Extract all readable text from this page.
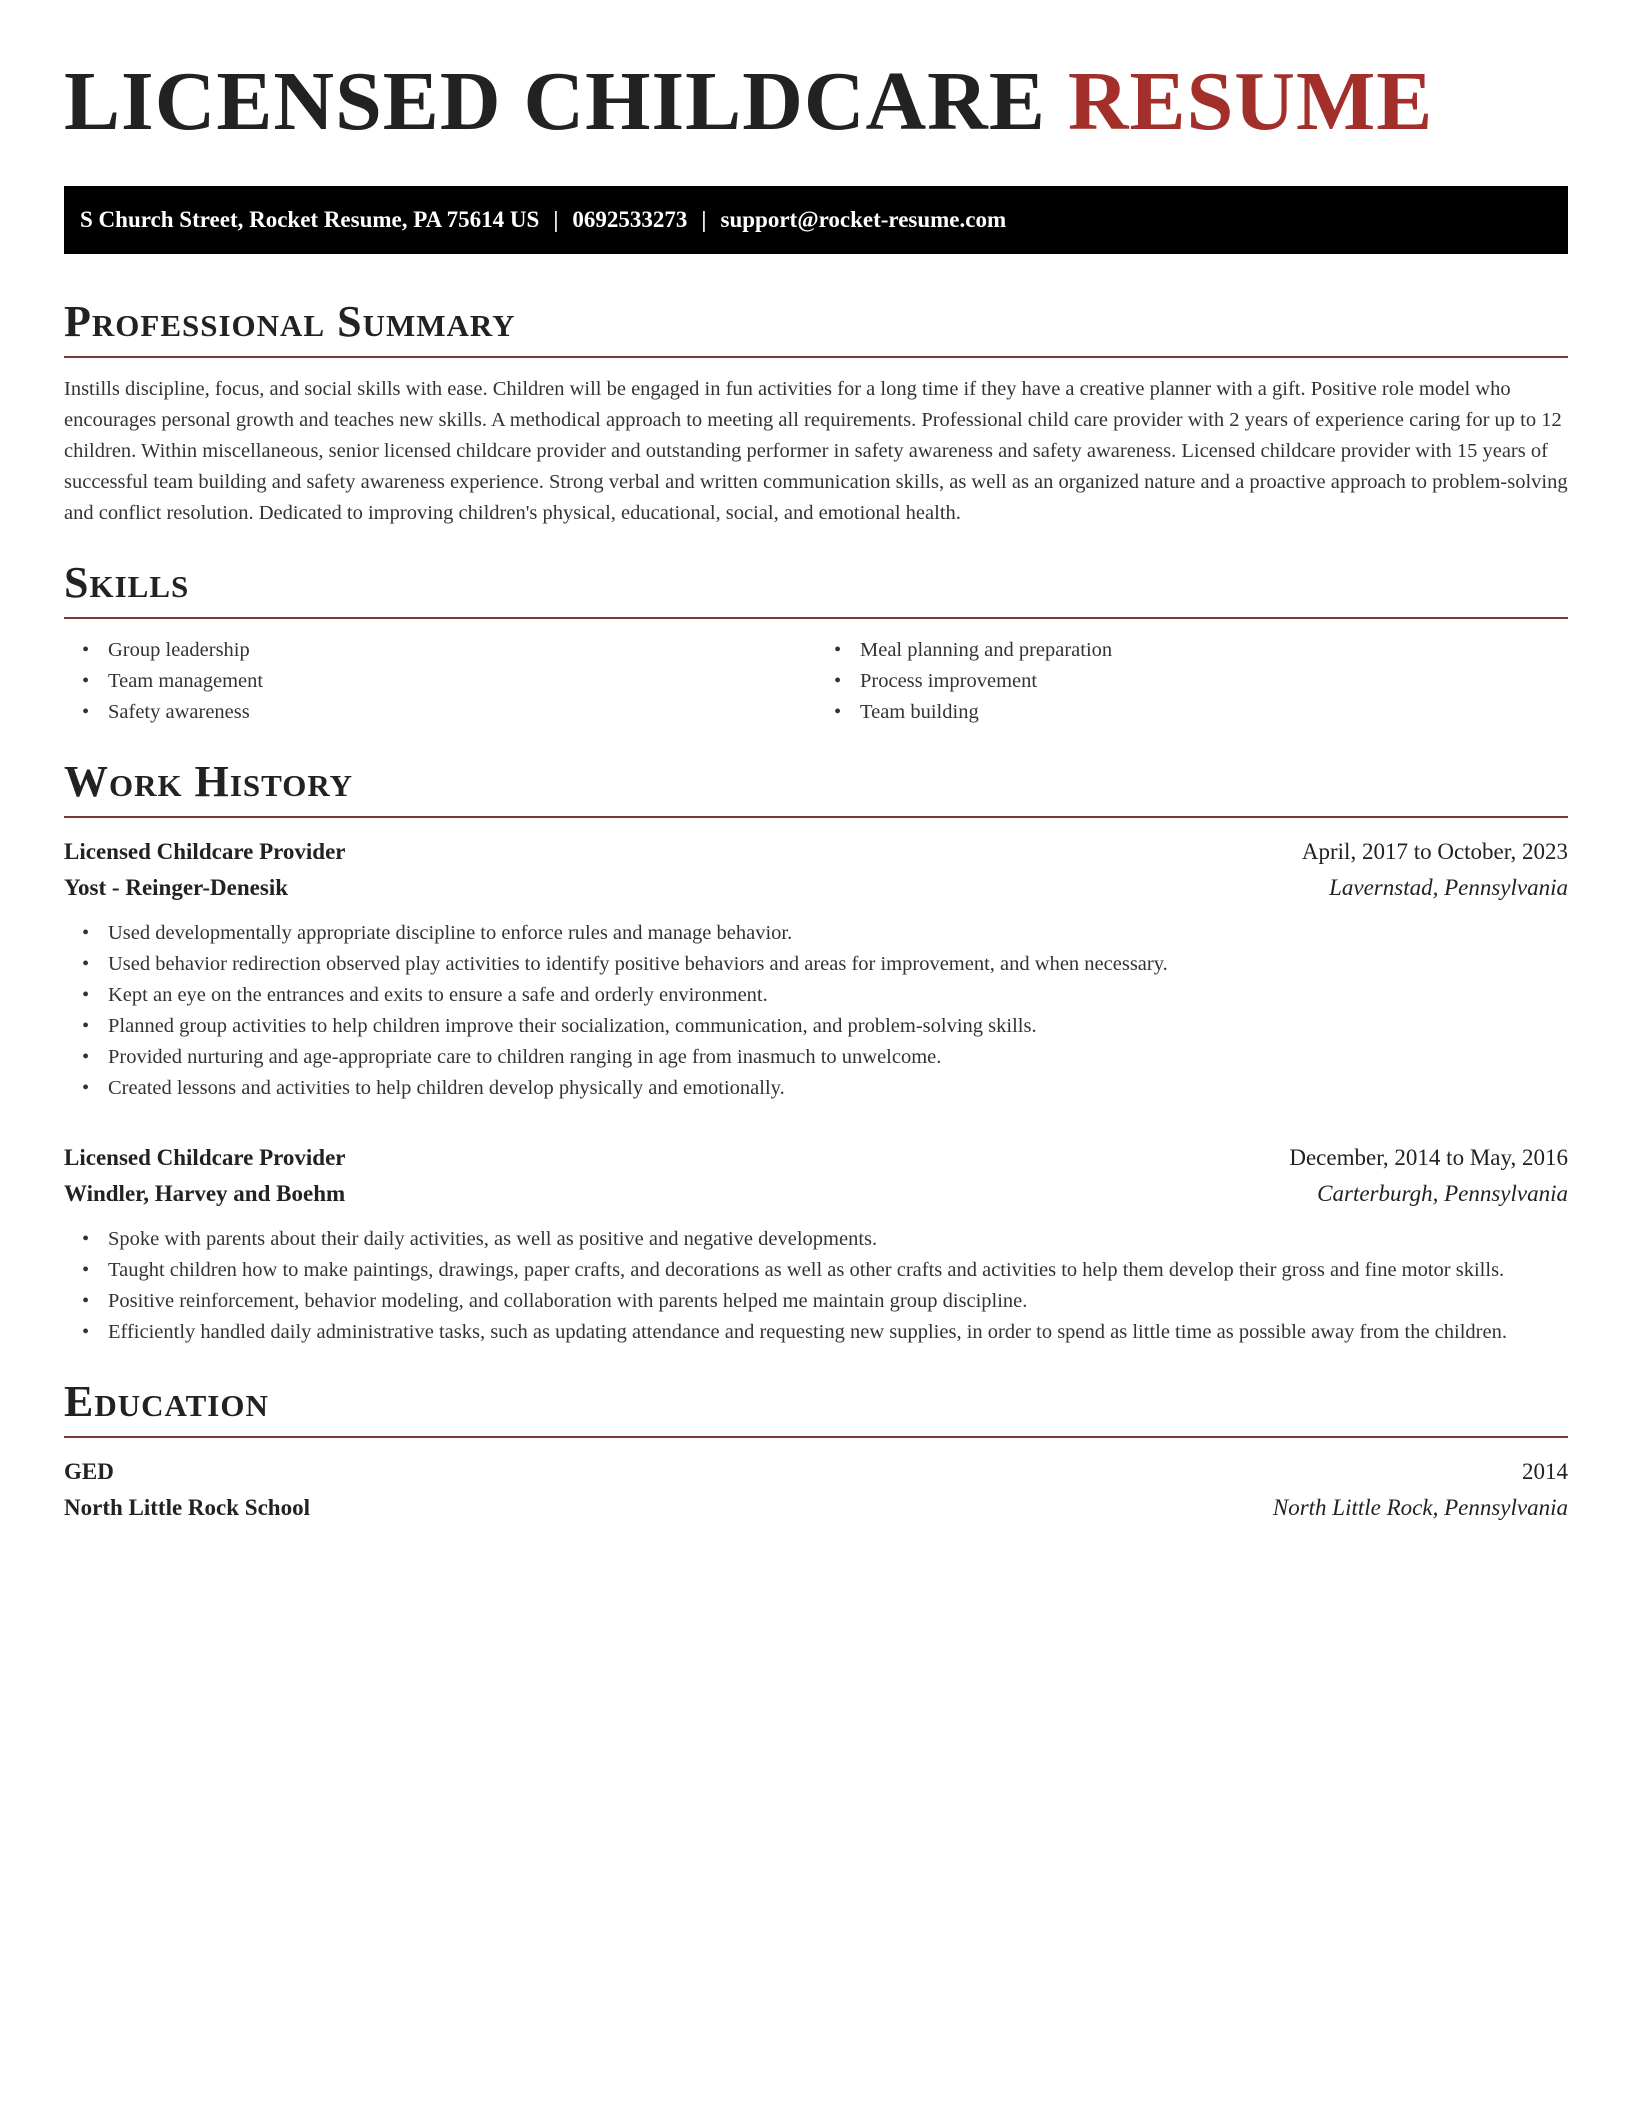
LICENSED CHILDCARE RESUME
S Church Street, Rocket Resume, PA 75614 US | 0692533273 | support@rocket-resume.com
Professional Summary

Instills discipline, focus, and social skills with ease. Children will be engaged in fun activities for a long time if they have a creative planner with a gift. Positive role model who encourages personal growth and teaches new skills. A methodical approach to meeting all requirements. Professional child care provider with 2 years of experience caring for up to 12 children. Within miscellaneous, senior licensed childcare provider and outstanding performer in safety awareness and safety awareness. Licensed childcare provider with 15 years of successful team building and safety awareness experience. Strong verbal and written communication skills, as well as an organized nature and a proactive approach to problem-solving and conflict resolution. Dedicated to improving children's physical, educational, social, and emotional health.

Skills
• Group leadership
• Team management
• Safety awareness
• Meal planning and preparation
• Process improvement
• Team building
Work History
Licensed Childcare Provider	April, 2017 to October, 2023
Yost - Reinger-Denesik	Lavernstad, Pennsylvania
• Used developmentally appropriate discipline to enforce rules and manage behavior.
• Used behavior redirection observed play activities to identify positive behaviors and areas for improvement, and when necessary.
• Kept an eye on the entrances and exits to ensure a safe and orderly environment.
• Planned group activities to help children improve their socialization, communication, and problem-solving skills.
• Provided nurturing and age-appropriate care to children ranging in age from inasmuch to unwelcome.
• Created lessons and activities to help children develop physically and emotionally.
Licensed Childcare Provider	December, 2014 to May, 2016
Windler, Harvey and Boehm	Carterburgh, Pennsylvania
• Spoke with parents about their daily activities, as well as positive and negative developments.
• Taught children how to make paintings, drawings, paper crafts, and decorations as well as other crafts and activities to help them develop their gross and fine motor skills.
• Positive reinforcement, behavior modeling, and collaboration with parents helped me maintain group discipline.
• Efficiently handled daily administrative tasks, such as updating attendance and requesting new supplies, in order to spend as little time as possible away from the children.
Education
GED	2014
North Little Rock School	North Little Rock, Pennsylvania
